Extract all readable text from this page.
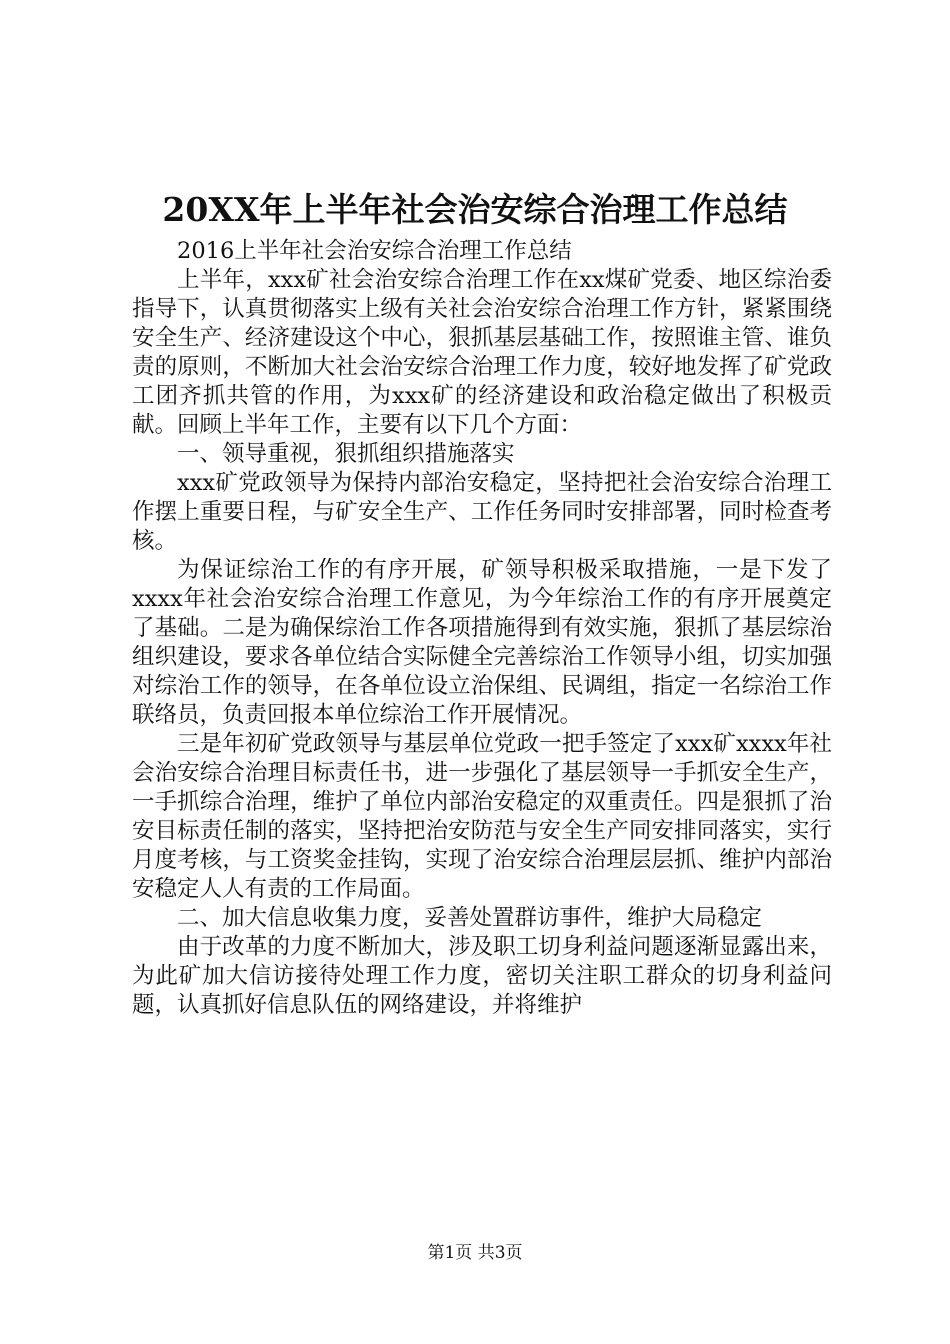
20XX年上半年社会治安综合治理工作总结

2016上半年社会治安综合治理工作总结

上半年，xxx矿社会治安综合治理工作在xx煤矿党委、地区综治委指导下，认真贯彻落实上级有关社会治安综合治理工作方针，紧紧围绕安全生产、经济建设这个中心，狠抓基层基础工作，按照谁主管、谁负责的原则，不断加大社会治安综合治理工作力度，较好地发挥了矿党政工团齐抓共管的作用，为xxx矿的经济建设和政治稳定做出了积极贡献。回顾上半年工作，主要有以下几个方面：

一、领导重视，狠抓组织措施落实

xxx矿党政领导为保持内部治安稳定，坚持把社会治安综合治理工作摆上重要日程，与矿安全生产、工作任务同时安排部署，同时检查考核。

为保证综治工作的有序开展，矿领导积极采取措施，一是下发了xxxx年社会治安综合治理工作意见，为今年综治工作的有序开展奠定了基础。二是为确保综治工作各项措施得到有效实施，狠抓了基层综治组织建设，要求各单位结合实际健全完善综治工作领导小组，切实加强对综治工作的领导，在各单位设立治保组、民调组，指定一名综治工作联络员，负责回报本单位综治工作开展情况。

三是年初矿党政领导与基层单位党政一把手签定了xxx矿xxxx年社会治安综合治理目标责任书，进一步强化了基层领导一手抓安全生产，一手抓综合治理，维护了单位内部治安稳定的双重责任。四是狠抓了治安目标责任制的落实，坚持把治安防范与安全生产同安排同落实，实行月度考核，与工资奖金挂钩，实现了治安综合治理层层抓、维护内部治安稳定人人有责的工作局面。

二、加大信息收集力度，妥善处置群访事件，维护大局稳定

由于改革的力度不断加大，涉及职工切身利益问题逐渐显露出来，为此矿加大信访接待处理工作力度，密切关注职工群众的切身利益问题，认真抓好信息队伍的网络建设，并将维护

第1页 共3页
